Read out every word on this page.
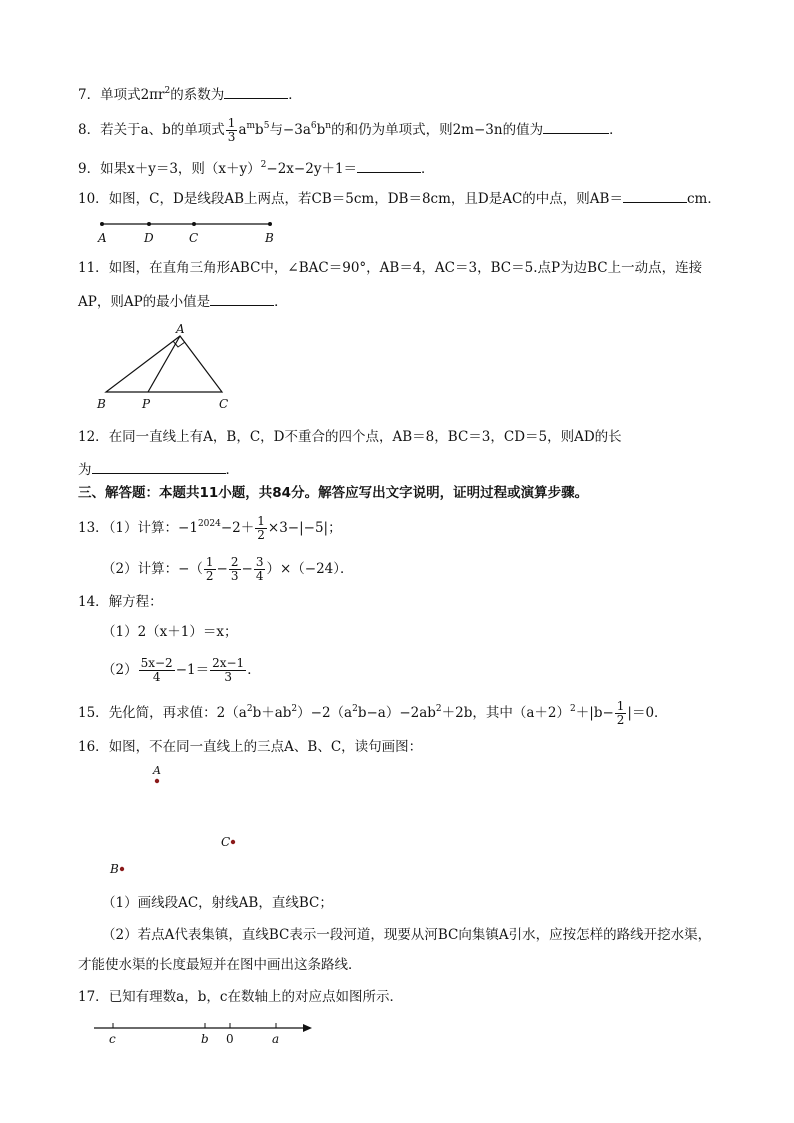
7．单项式$2\pi r^2$的系数为	．
8．若关于a、b的单项式 $\frac{1}{3} a^mb^5$与$-3a^6b^n$的和仍为单项式，则2m−3n的值为	．
9．如果x＋y＝3，则$(x+y)^2-2x-2y+1=$	．
10．如图，C，D是线段AB上两点，若CB＝5cm，DB＝8cm，且D是AC的中点，则AB＝	cm．
A	D	C	B
11．如图，在直角三角形ABC中，∠BAC＝90°，AB＝4，AC＝3，BC＝5.点P为边BC上一动点，连接
AP，则AP的最小值是	．
A
B	P	C
12．在同一直线上有A，B，C，D不重合的四个点，AB＝8，BC＝3，CD＝5，则AD的长
为	．
三、解答题：本题共11小题，共84分。解答应写出文字说明，证明过程或演算步骤。
13．（1）计算：$-1^{2024}-2+ \frac{1}{2} \times 3-|-5|$；
（2）计算：−（ $\frac{1}{2} - \frac{2}{3} - \frac{3}{4} )\times(-24)$．
14．解方程：
（1）2（x＋1）＝x；
$(2) \frac{5x-2}{4} -1= \frac{2x-1}{3}$ ．
15．先化简，再求值：$2(a^2b+ab^2)-2(a^2b-a)-2ab^2+2b$，其中$(a+2)^2+|b- \frac{1}{2} |=0$．
16．如图，不在同一直线上的三点A、B、C，读句画图：
A
C
B
（1）画线段AC，射线AB，直线BC；
（2）若点A代表集镇，直线BC表示一段河道，现要从河BC向集镇A引水，应按怎样的路线开挖水渠，
才能使水渠的长度最短并在图中画出这条路线．
17．已知有理数a，b，c在数轴上的对应点如图所示．
c	b 0	a
